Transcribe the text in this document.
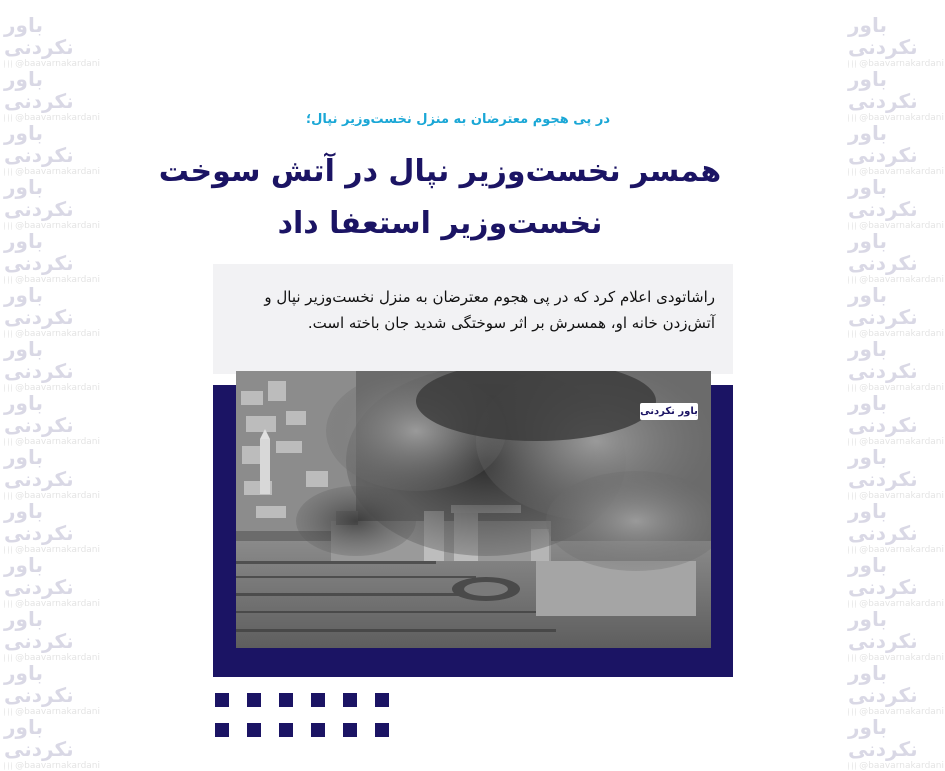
باور نکردنی
@baavarnakardani
باور نکردنی
@baavarnakardani
باور نکردنی
@baavarnakardani
باور نکردنی
@baavarnakardani
باور نکردنی
@baavarnakardani
باور نکردنی
@baavarnakardani
باور نکردنی
@baavarnakardani
باور نکردنی
@baavarnakardani
باور نکردنی
@baavarnakardani
باور نکردنی
@baavarnakardani
باور نکردنی
@baavarnakardani
باور نکردنی
@baavarnakardani
باور نکردنی
@baavarnakardani
باور نکردنی
@baavarnakardani
باور نکردنی
@baavarnakardani
باور نکردنی
@baavarnakardani
باور نکردنی
@baavarnakardani
باور نکردنی
@baavarnakardani
باور نکردنی
@baavarnakardani
باور نکردنی
@baavarnakardani
باور نکردنی
@baavarnakardani
باور نکردنی
@baavarnakardani
باور نکردنی
@baavarnakardani
باور نکردنی
@baavarnakardani
باور نکردنی
@baavarnakardani
باور نکردنی
@baavarnakardani
باور نکردنی
@baavarnakardani
باور نکردنی
@baavarnakardani
در پی هجوم معترضان به منزل نخست‌وزیر نپال؛
همسر نخست‌وزیر نپال در آتش سوخت
نخست‌وزیر استعفا داد
راشاتودی اعلام کرد که در پی هجوم معترضان به منزل نخست‌وزیر نپال و آتش‌زدن خانه او، همسرش بر اثر سوختگی شدید جان باخته است.
باور نکردنی
